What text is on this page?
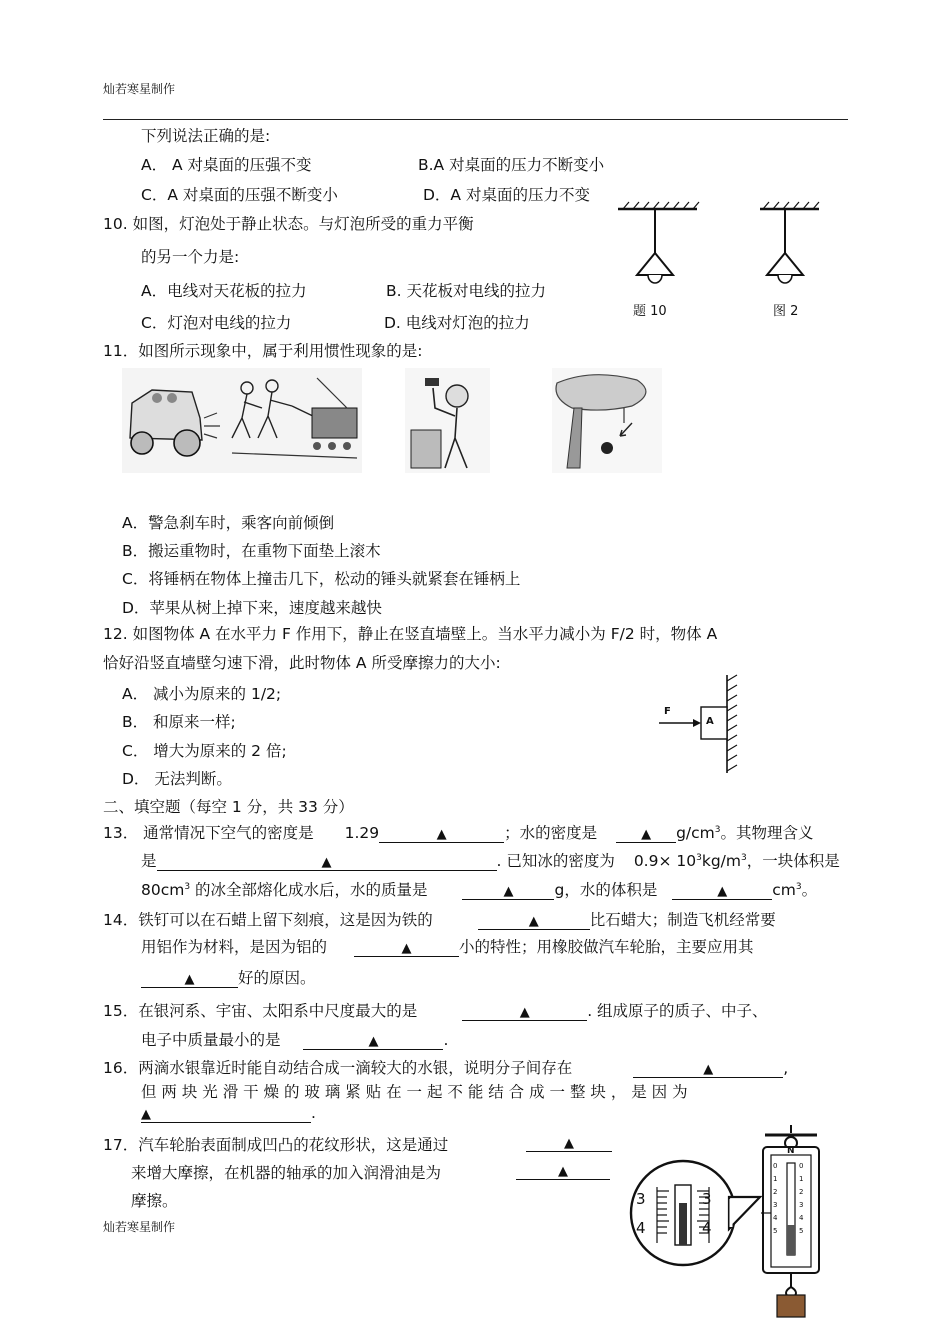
灿若寒星制作
下列说法正确的是:
A． A 对桌面的压强不变	B.A 对桌面的压力不断变小
C．A 对桌面的压强不断变小	D．A 对桌面的压力不变
10. 如图，灯泡处于静止状态。与灯泡所受的重力平衡
的另一个力是:
A．电线对天花板的拉力	B. 天花板对电线的拉力
C．灯泡对电线的拉力	D. 电线对灯泡的拉力
题 10	图 2
11．如图所示现象中，属于利用惯性现象的是:
A．警急刹车时，乘客向前倾倒
B．搬运重物时，在重物下面垫上滚木
C．将锤柄在物体上撞击几下，松动的锤头就紧套在锤柄上
D．苹果从树上掉下来，速度越来越快
12. 如图物体 A 在水平力 F 作用下，静止在竖直墙壁上。当水平力减小为 F/2 时，物体 A
恰好沿竖直墙壁匀速下滑，此时物体 A 所受摩擦力的大小:
A． 减小为原来的 1/2;
B． 和原来一样;
C． 增大为原来的 2 倍;
D． 无法判断。
F
A
二、填空题（每空 1 分，共 33 分）
13． 通常情况下空气的密度是 1.29	▲	；水的密度是	▲ $g/cm^3$。其物理含义
是	▲	. 已知冰的密度为 $0.9\times 10^3kg/m^3$，一块体积是
$80cm^3$ 的冰全部熔化成水后，水的质量是	▲	g，水的体积是	▲	$cm^3$。
14．铁钉可以在石蜡上留下刻痕，这是因为铁的	▲	比石蜡大；制造飞机经常要
用铝作为材料，是因为铝的	▲	小的特性；用橡胶做汽车轮胎，主要应用其
▲	好的原因。
15．在银河系、宇宙、太阳系中尺度最大的是	▲	. 组成原子的质子、中子、
电子中质量最小的是	▲	.
16．两滴水银靠近时能自动结合成一滴较大的水银，说明分子间存在	▲	,
但 两 块 光 滑 干 燥 的 玻 璃 紧 贴 在 一 起 不 能 结 合 成 一 整 块 ， 是 因 为
▲	.
17．汽车轮胎表面制成凹凸的花纹形状，这是通过	▲
来增大摩擦，在机器的轴承的加入润滑油是为	▲
摩擦。	3
4
3
4
N
0
1
2
3
4
5
0
1
2
3
4
5
灿若寒星制作
